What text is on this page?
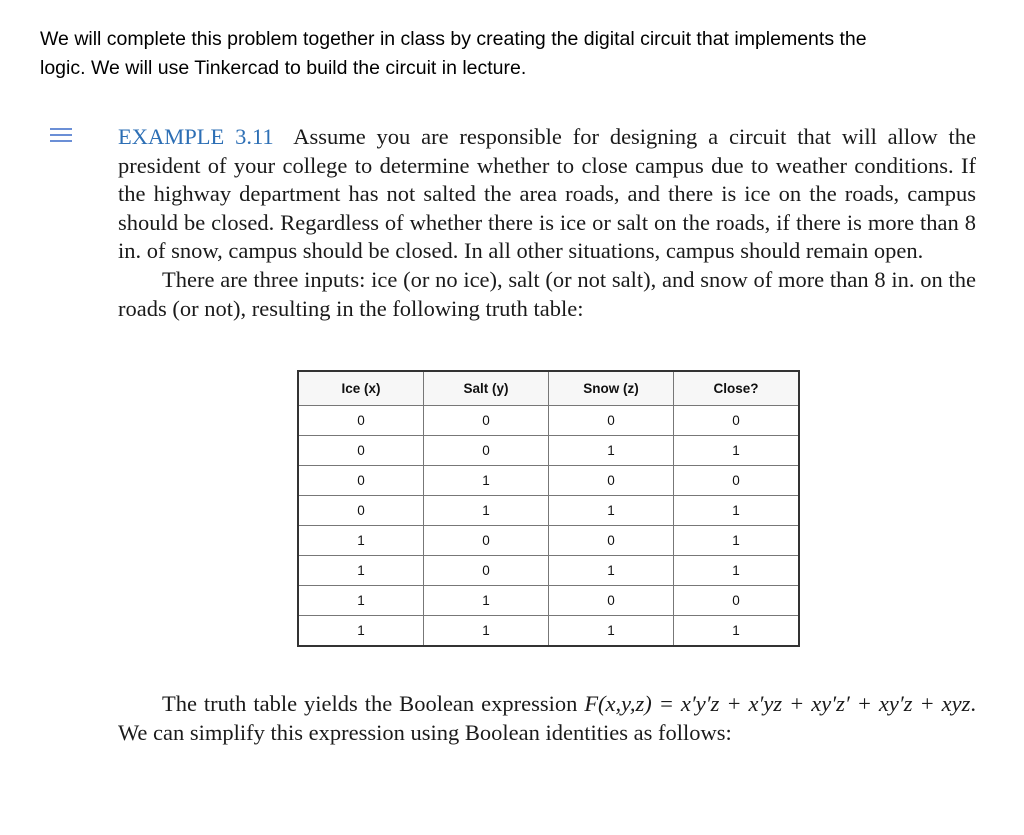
We will complete this problem together in class by creating the digital circuit that implements the
logic. We will use Tinkercad to build the circuit in lecture.

EXAMPLE 3.11 Assume you are responsible for designing a circuit that will allow the president of your college to determine whether to close campus due to weather conditions. If the highway department has not salted the area roads, and there is ice on the roads, campus should be closed. Regardless of whether there is ice or salt on the roads, if there is more than 8 in. of snow, campus should be closed. In all other situations, campus should remain open.

There are three inputs: ice (or no ice), salt (or not salt), and snow of more than 8 in. on the roads (or not), resulting in the following truth table:

Ice (x)	Salt (y)	Snow (z)	Close?
0	0	0	0
0	0	1	1
0	1	0	0
0	1	1	1
1	0	0	1
1	0	1	1
1	1	0	0
1	1	1	1

The truth table yields the Boolean expression F(x,y,z) = x′y′z + x′yz + xy′z′ + xy′z + xyz. We can simplify this expression using Boolean identities as follows:
